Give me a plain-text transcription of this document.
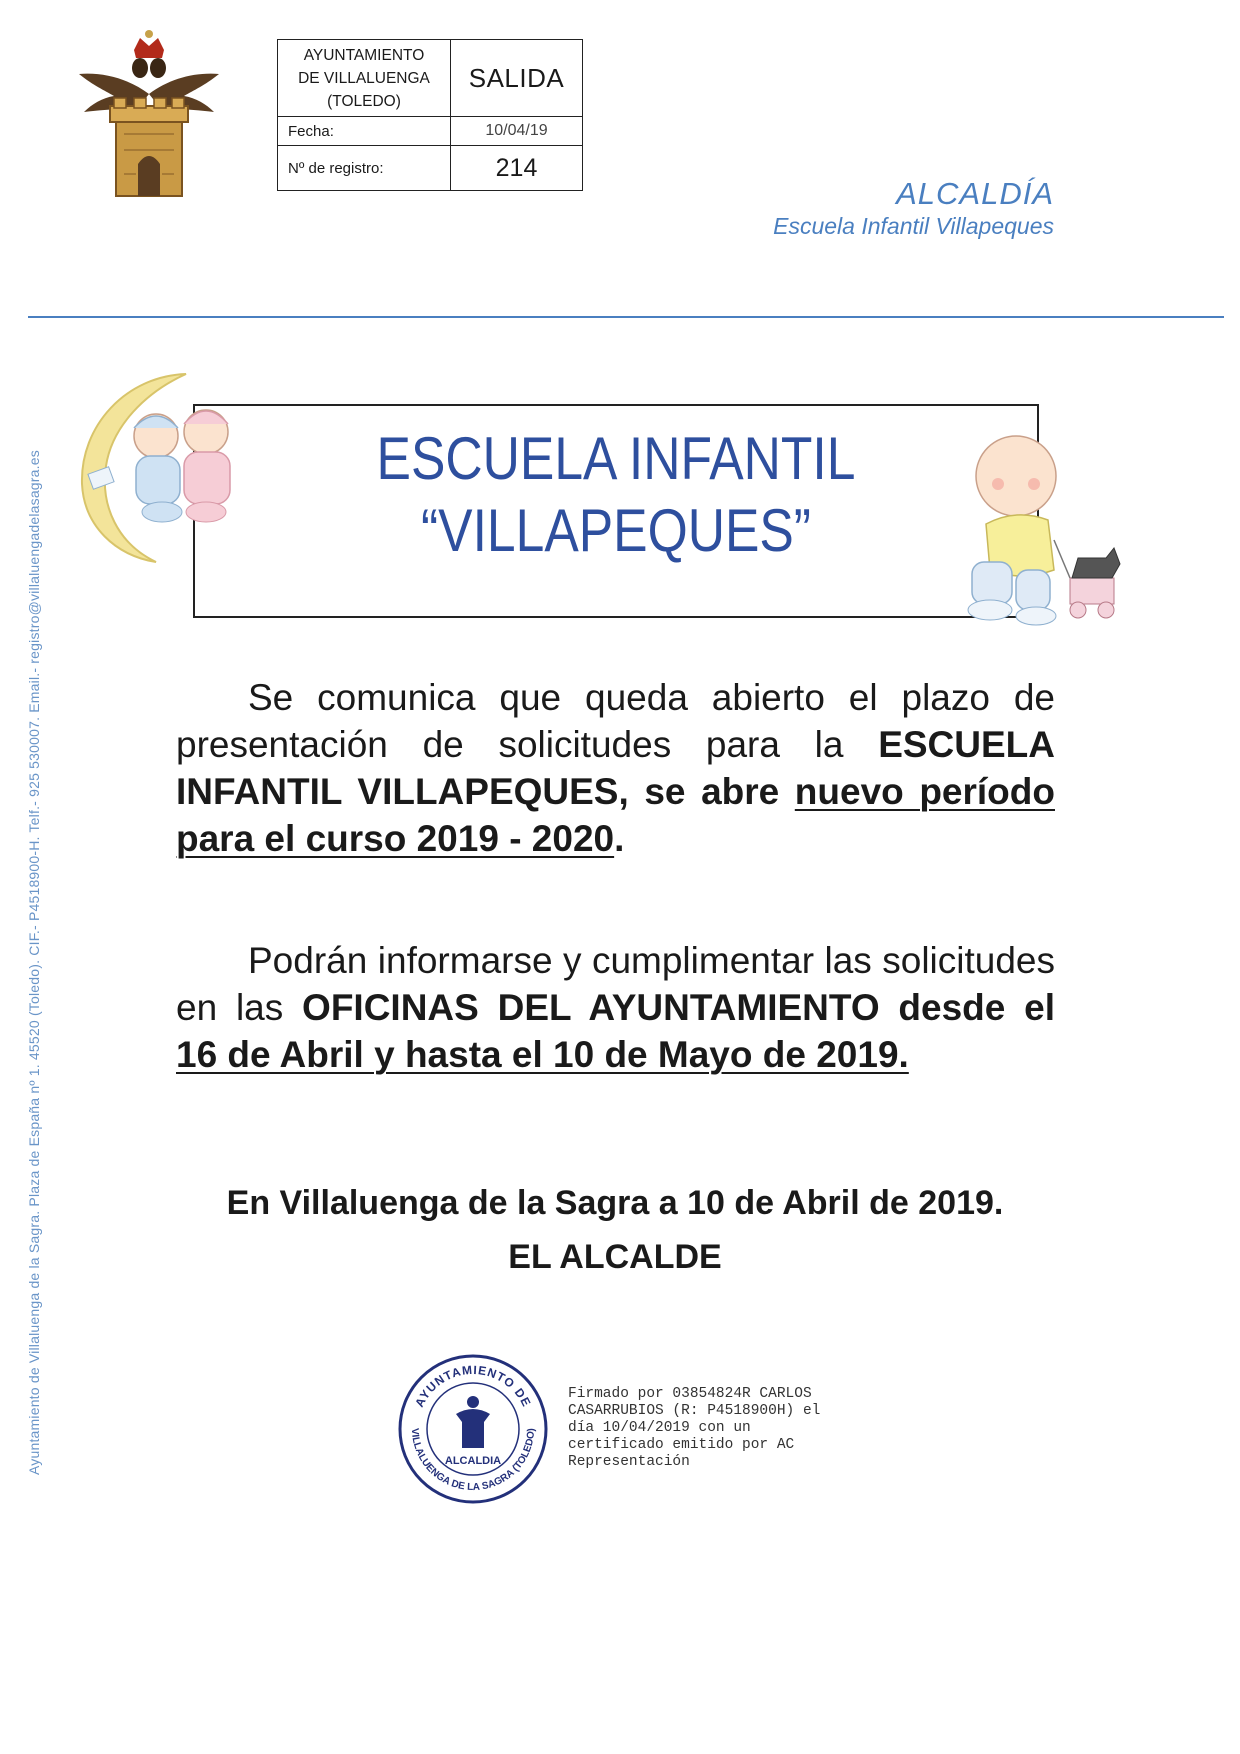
AYUNTAMIENTO
DE VILLALUENGA
(TOLEDO)	SALIDA
Fecha:	10/04/19
Nº de registro:	214
ALCALDÍA
Escuela Infantil Villapeques
Ayuntamiento de Villaluenga de la Sagra. Plaza de España nº 1. 45520 (Toledo). CIF.- P4518900-H. Telf.- 925 530007. Email.- registro@villaluengadelasagra.es	ESCUELA INFANTIL
“VILLAPEQUES”
Se comunica que queda abierto el plazo de presentación de solicitudes para la ESCUELA INFANTIL VILLAPEQUES, se abre nuevo período para el curso 2019 - 2020.
Podrán informarse y cumplimentar las solicitudes en las OFICINAS DEL AYUNTAMIENTO desde el 16 de Abril y hasta el 10 de Mayo de 2019.
En Villaluenga de la Sagra a 10 de Abril de 2019.
EL ALCALDE
AYUNTAMIENTO DE
VILLALUENGA DE LA SAGRA (TOLEDO)
ALCALDIA
Firmado por 03854824R CARLOS
CASARRUBIOS (R: P4518900H) el
día 10/04/2019 con un
certificado emitido por AC
Representación
